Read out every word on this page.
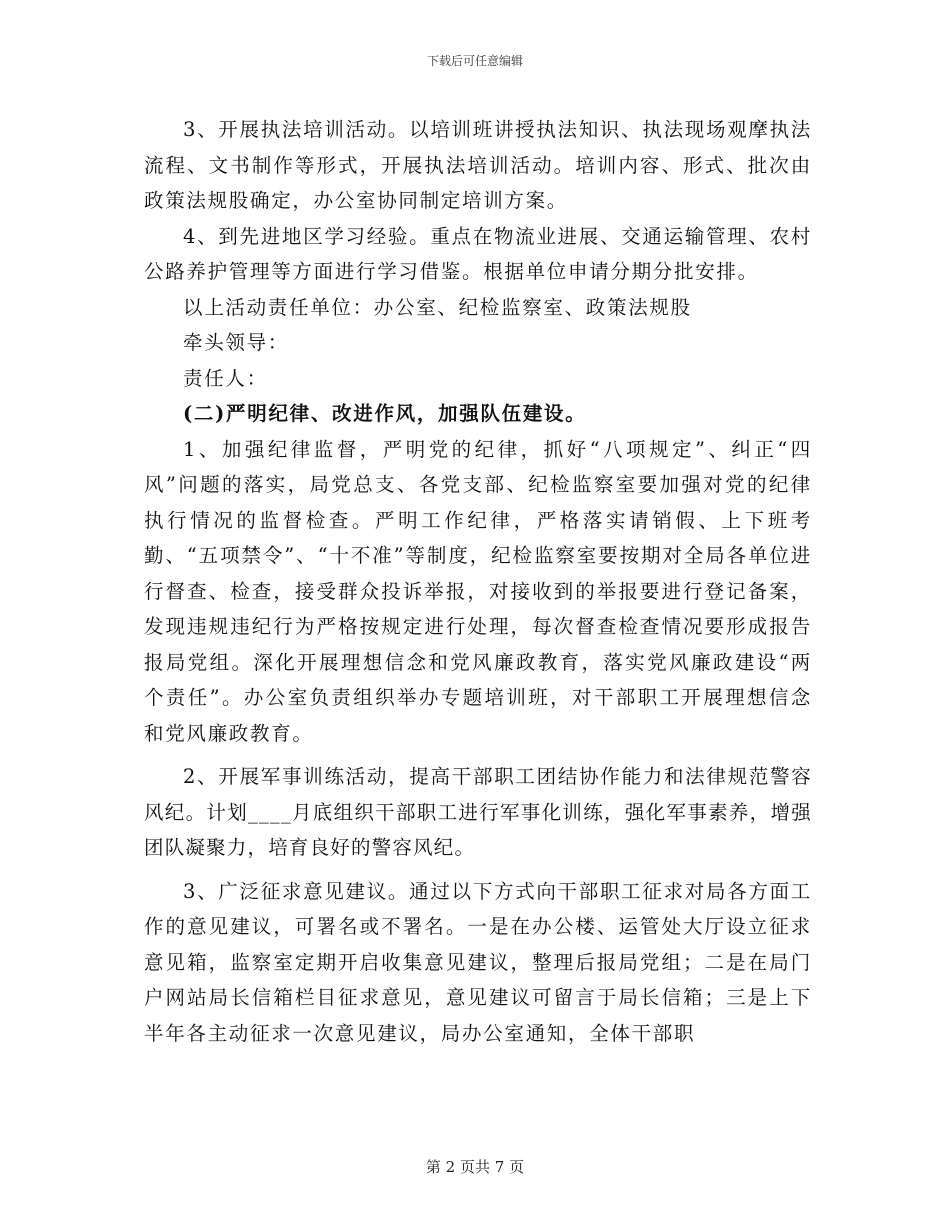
下载后可任意编辑

3、开展执法培训活动。以培训班讲授执法知识、执法现场观摩执法流程、文书制作等形式，开展执法培训活动。培训内容、形式、批次由政策法规股确定，办公室协同制定培训方案。

4、到先进地区学习经验。重点在物流业进展、交通运输管理、农村公路养护管理等方面进行学习借鉴。根据单位申请分期分批安排。

以上活动责任单位：办公室、纪检监察室、政策法规股

牵头领导：

责任人：

(二)严明纪律、改进作风，加强队伍建设。

1、加强纪律监督，严明党的纪律，抓好“八项规定”、纠正“四风”问题的落实，局党总支、各党支部、纪检监察室要加强对党的纪律执行情况的监督检查。严明工作纪律，严格落实请销假、上下班考勤、“五项禁令”、“十不准”等制度，纪检监察室要按期对全局各单位进行督查、检查，接受群众投诉举报，对接收到的举报要进行登记备案，发现违规违纪行为严格按规定进行处理，每次督查检查情况要形成报告报局党组。深化开展理想信念和党风廉政教育，落实党风廉政建设“两个责任”。办公室负责组织举办专题培训班，对干部职工开展理想信念和党风廉政教育。

2、开展军事训练活动，提高干部职工团结协作能力和法律规范警容风纪。计划____月底组织干部职工进行军事化训练，强化军事素养，增强团队凝聚力，培育良好的警容风纪。

3、广泛征求意见建议。通过以下方式向干部职工征求对局各方面工作的意见建议，可署名或不署名。一是在办公楼、运管处大厅设立征求意见箱，监察室定期开启收集意见建议，整理后报局党组；二是在局门户网站局长信箱栏目征求意见，意见建议可留言于局长信箱；三是上下半年各主动征求一次意见建议，局办公室通知，全体干部职

第 2 页共 7 页
